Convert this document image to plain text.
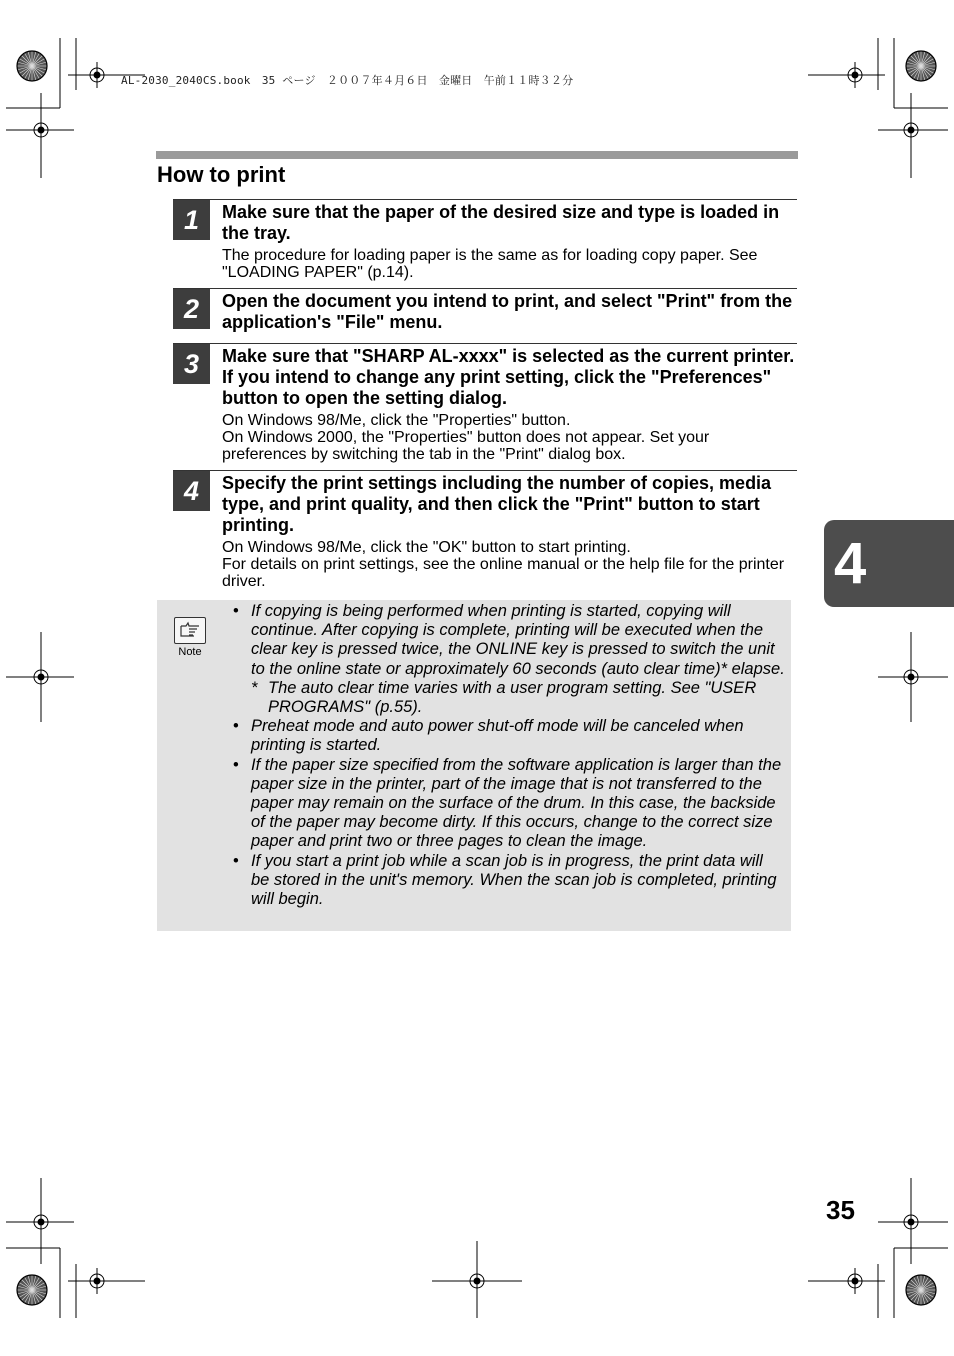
AL-2030_2040CS.book　35 ページ　２００７年４月６日　金曜日　午前１１時３２分
How to print
1	Make sure that the paper of the desired size and type is loaded in the tray.

The procedure for loading paper is the same as for loading copy paper. See "LOADING PAPER" (p.14).

2	Open the document you intend to print, and select "Print" from the application's "File" menu.
3	Make sure that "SHARP AL-xxxx" is selected as the current printer. If you intend to change any print setting, click the "Preferences" button to open the setting dialog.

On Windows 98/Me, click the "Properties" button.

On Windows 2000, the "Properties" button does not appear. Set your preferences by switching the tab in the "Print" dialog box.

4	Specify the print settings including the number of copies, media type, and print quality, and then click the "Print" button to start printing.

On Windows 98/Me, click the "OK" button to start printing.

For details on print settings, see the online manual or the help file for the printer driver.

Note
• If copying is being performed when printing is started, copying will continue. After copying is complete, printing will be executed when the clear key is pressed twice, the ONLINE key is pressed to switch the unit to the online state or approximately 60 seconds (auto clear time)* elapse.
* The auto clear time varies with a user program setting. See "USER PROGRAMS" (p.55).
• Preheat mode and auto power shut-off mode will be canceled when printing is started.
• If the paper size specified from the software application is larger than the paper size in the printer, part of the image that is not transferred to the paper may remain on the surface of the drum. In this case, the backside of the paper may become dirty. If this occurs, change to the correct size paper and print two or three pages to clean the image.
• If you start a print job while a scan job is in progress, the print data will be stored in the unit's memory. When the scan job is completed, printing will begin.
4
35
